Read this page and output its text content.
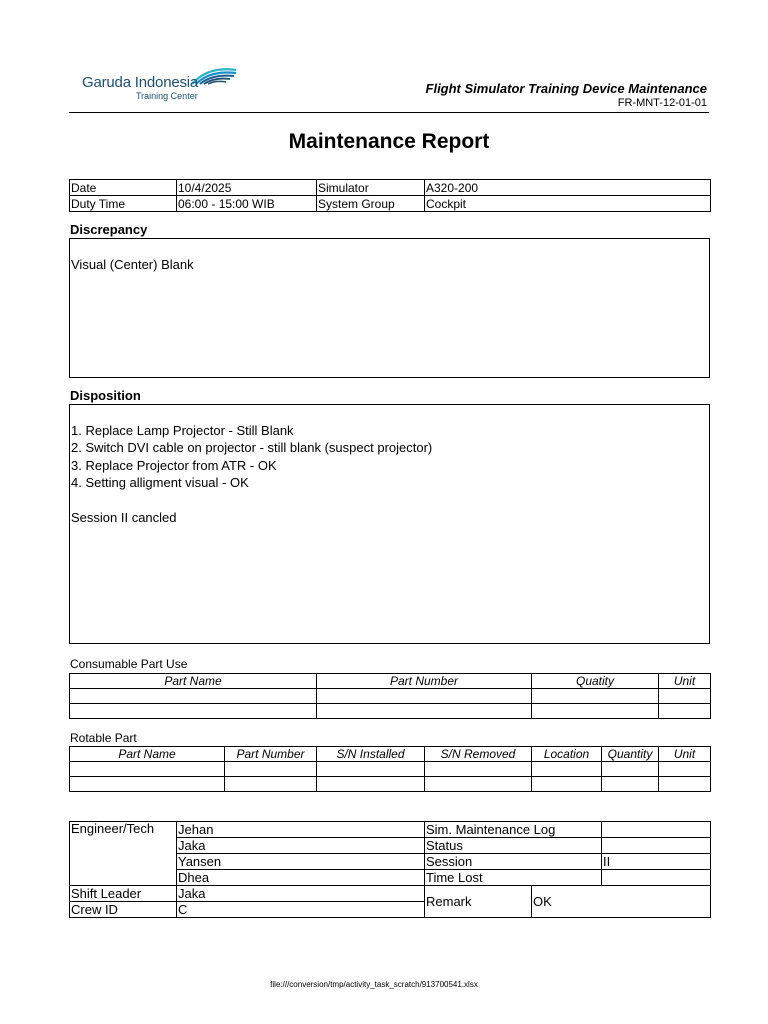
Garuda Indonesia
Training Center	Flight Simulator Training Device Maintenance
FR-MNT-12-01-01
Maintenance Report
Date	10/4/2025	Simulator	A320-200
Duty Time	06:00 - 15:00 WIB	System Group	Cockpit
Discrepancy
Visual (Center) Blank
Disposition
1. Replace Lamp Projector - Still Blank
2. Switch DVI cable on projector - still blank (suspect projector)
3. Replace Projector from ATR - OK
4. Setting alligment visual - OK
Session II cancled
Consumable Part Use
Part Name	Part Number	Quatity	Unit

Rotable Part
Part Name	Part Number	S/N Installed	S/N Removed	Location	Quantity	Unit

Engineer/Tech	Jehan	Sim. Maintenance Log		
	Jaka	Status		
	Yansen	Session		II
	Dhea	Time Lost		
Shift Leader	Jaka	Remark	OK	
Crew ID	C			
file:///conversion/tmp/activity_task_scratch/913700541.xlsx
